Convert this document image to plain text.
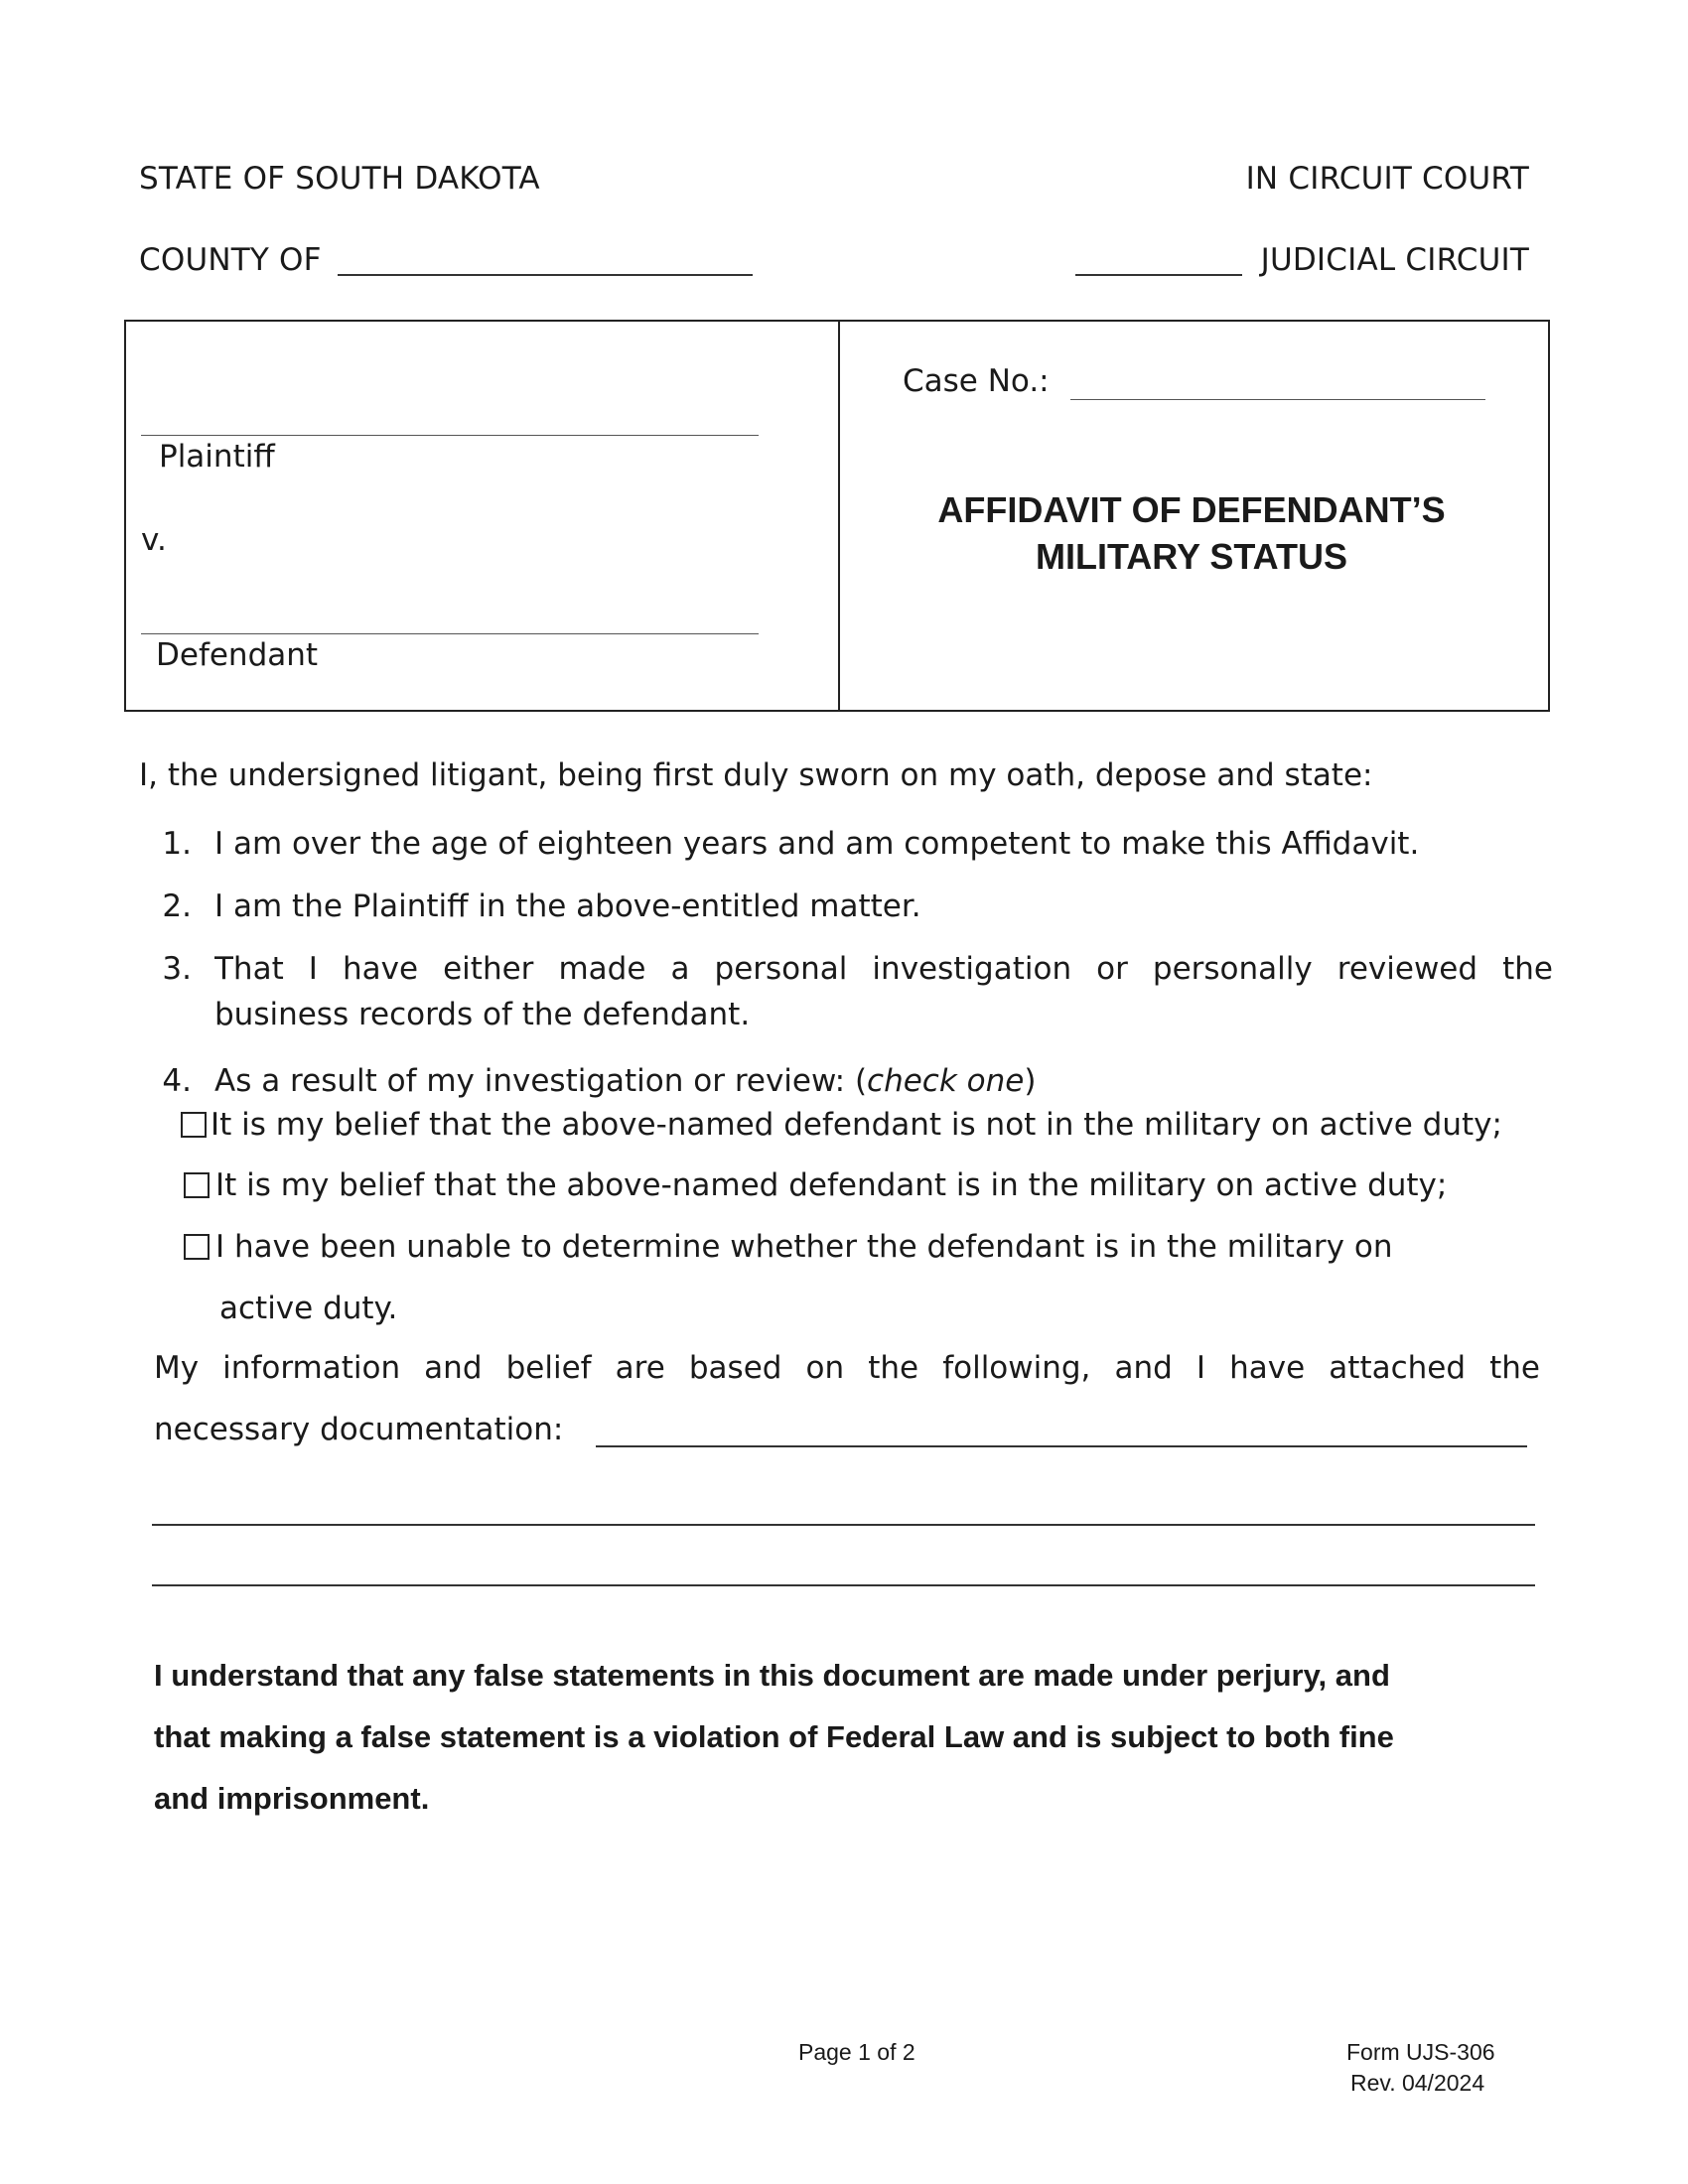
STATE OF SOUTH DAKOTA	IN CIRCUIT COURT
COUNTY OF	JUDICIAL CIRCUIT
Plaintiff
v.
Defendant
Case No.:
AFFIDAVIT OF DEFENDANT’S
MILITARY STATUS
I, the undersigned litigant, being first duly sworn on my oath, depose and state:
1. I am over the age of eighteen years and am competent to make this Affidavit.
2. I am the Plaintiff in the above-entitled matter.
3. That I have either made a personal investigation or personally reviewed the
business records of the defendant.
4. As a result of my investigation or review: (check one)
It is my belief that the above-named defendant is not in the military on active duty;
It is my belief that the above-named defendant is in the military on active duty;
I have been unable to determine whether the defendant is in the military on
active duty.
My information and belief are based on the following, and I have attached the
necessary documentation:
I understand that any false statements in this document are made under perjury, and
that making a false statement is a violation of Federal Law and is subject to both fine
and imprisonment.
Page 1 of 2	Form UJS-306
Rev. 04/2024
